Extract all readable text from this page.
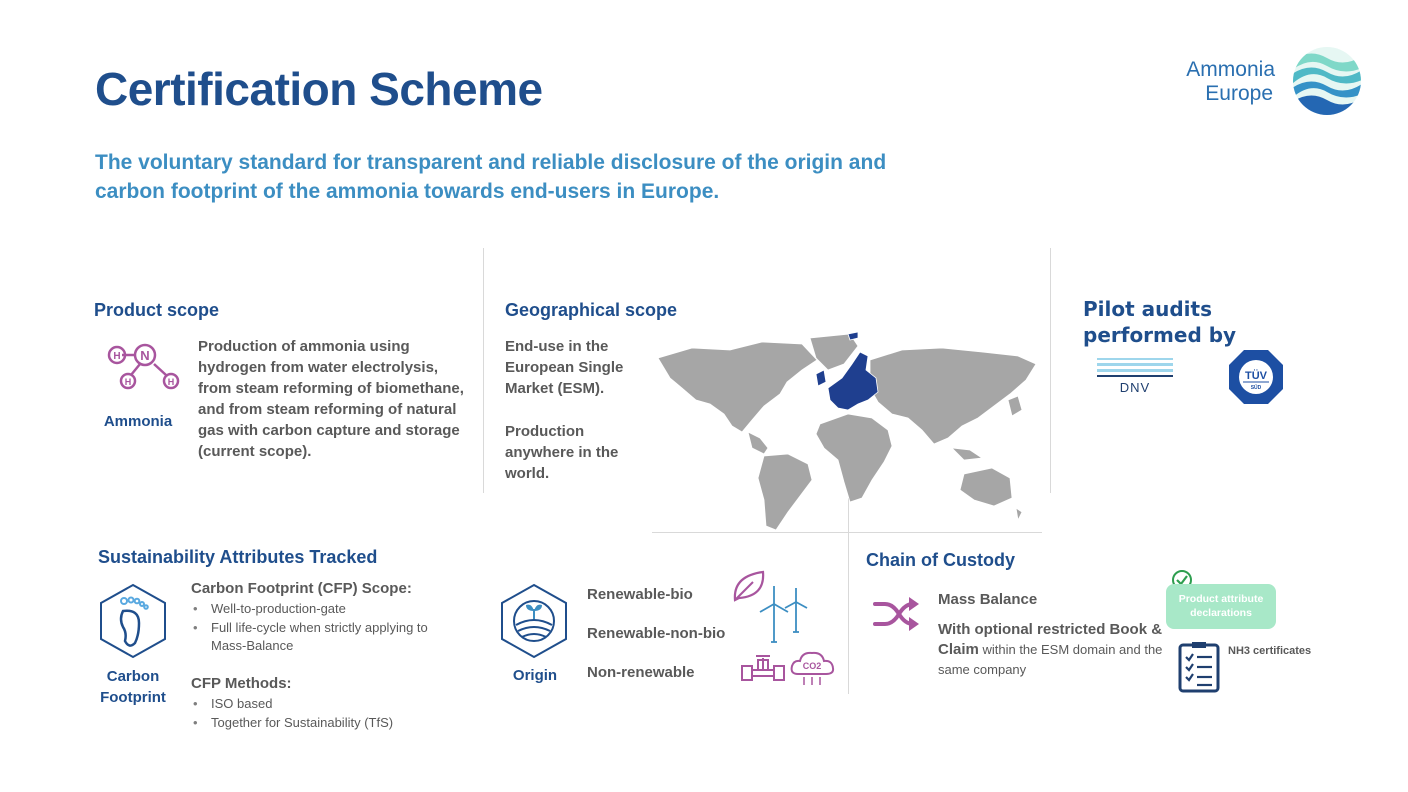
Certification Scheme
The voluntary standard for transparent and reliable disclosure of the origin and carbon footprint of the ammonia towards end-users in Europe.
Ammonia
Europe
Product scope
H N
H	H
Ammonia
Production of ammonia using hydrogen from water electrolysis, from steam reforming of biomethane, and from steam reforming of natural gas with carbon capture and storage (current scope).
Geographical scope
End-use in the European Single Market (ESM).
Production anywhere in the world.
Pilot audits performed by
DNV
TÜV
SÜD
Sustainability Attributes Tracked
Carbon Footprint
Carbon Footprint (CFP) Scope:
• Well-to-production-gate
• Full life-cycle when strictly applying to Mass-Balance
CFP Methods:
• ISO based
• Together for Sustainability (TfS)
Origin
Renewable-bio
Renewable-non-bio
Non-renewable	CO2
Chain of Custody
Mass Balance
With optional restricted Book & Claim within the ESM domain and the same company
Product attribute declarations
NH3 certificates
